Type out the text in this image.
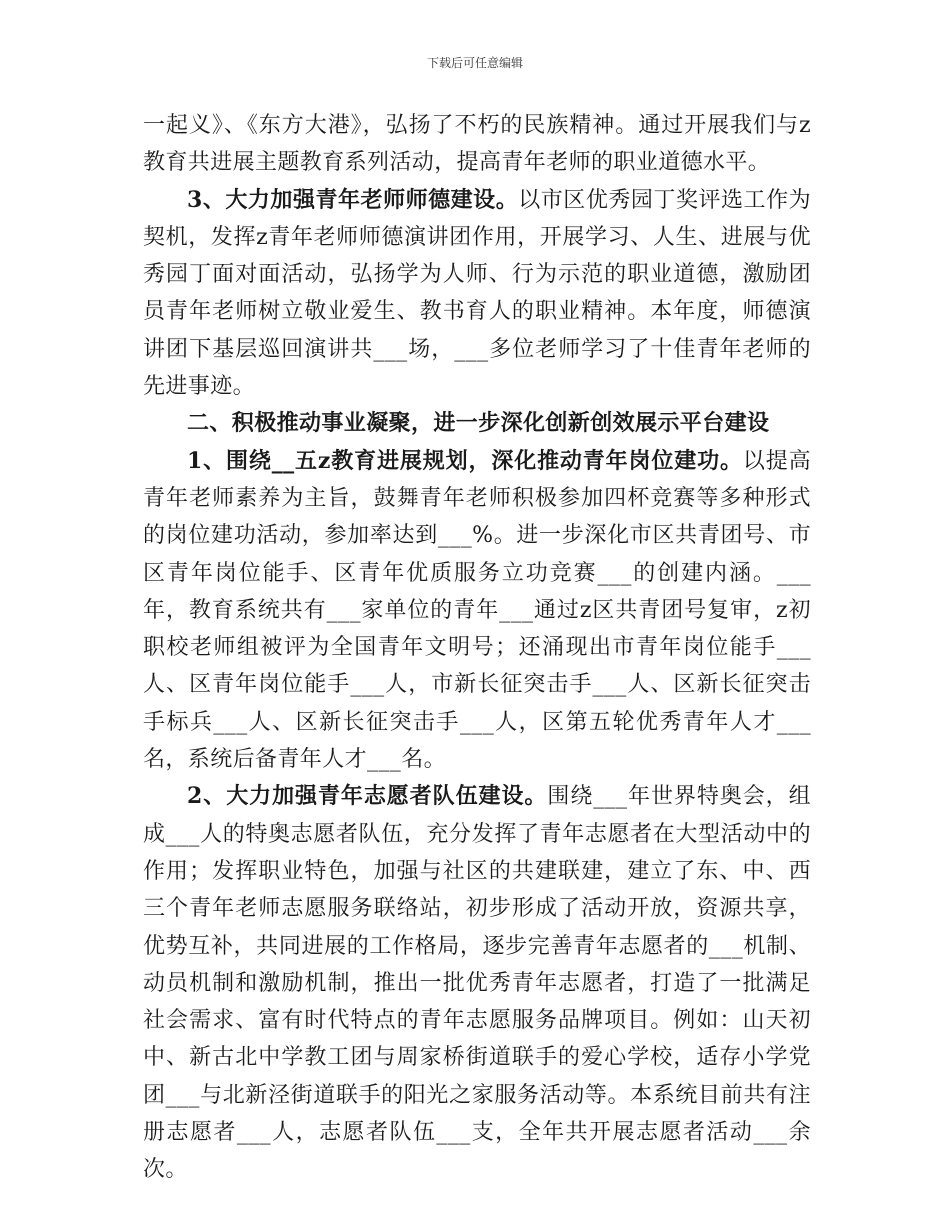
下载后可任意编辑

一起义》、《东方大港》，弘扬了不朽的民族精神。通过开展我们与z教育共进展主题教育系列活动，提高青年老师的职业道德水平。

3、大力加强青年老师师德建设。以市区优秀园丁奖评选工作为契机，发挥z青年老师师德演讲团作用，开展学习、人生、进展与优秀园丁面对面活动，弘扬学为人师、行为示范的职业道德，激励团员青年老师树立敬业爱生、教书育人的职业精神。本年度，师德演讲团下基层巡回演讲共___场，___多位老师学习了十佳青年老师的先进事迹。

二、积极推动事业凝聚，进一步深化创新创效展示平台建设

1、围绕__五z教育进展规划，深化推动青年岗位建功。以提高青年老师素养为主旨，鼓舞青年老师积极参加四杯竞赛等多种形式的岗位建功活动，参加率达到___%。进一步深化市区共青团号、市区青年岗位能手、区青年优质服务立功竞赛___的创建内涵。___年，教育系统共有___家单位的青年___通过z区共青团号复审，z初职校老师组被评为全国青年文明号；还涌现出市青年岗位能手___人、区青年岗位能手___人，市新长征突击手___人、区新长征突击手标兵___人、区新长征突击手___人，区第五轮优秀青年人才___名，系统后备青年人才___名。

2、大力加强青年志愿者队伍建设。围绕___年世界特奥会，组成___人的特奥志愿者队伍，充分发挥了青年志愿者在大型活动中的作用；发挥职业特色，加强与社区的共建联建，建立了东、中、西三个青年老师志愿服务联络站，初步形成了活动开放，资源共享，优势互补，共同进展的工作格局，逐步完善青年志愿者的___机制、动员机制和激励机制，推出一批优秀青年志愿者，打造了一批满足社会需求、富有时代特点的青年志愿服务品牌项目。例如：山天初中、新古北中学教工团与周家桥街道联手的爱心学校，适存小学党团___与北新泾街道联手的阳光之家服务活动等。本系统目前共有注册志愿者___人，志愿者队伍___支，全年共开展志愿者活动___余次。
